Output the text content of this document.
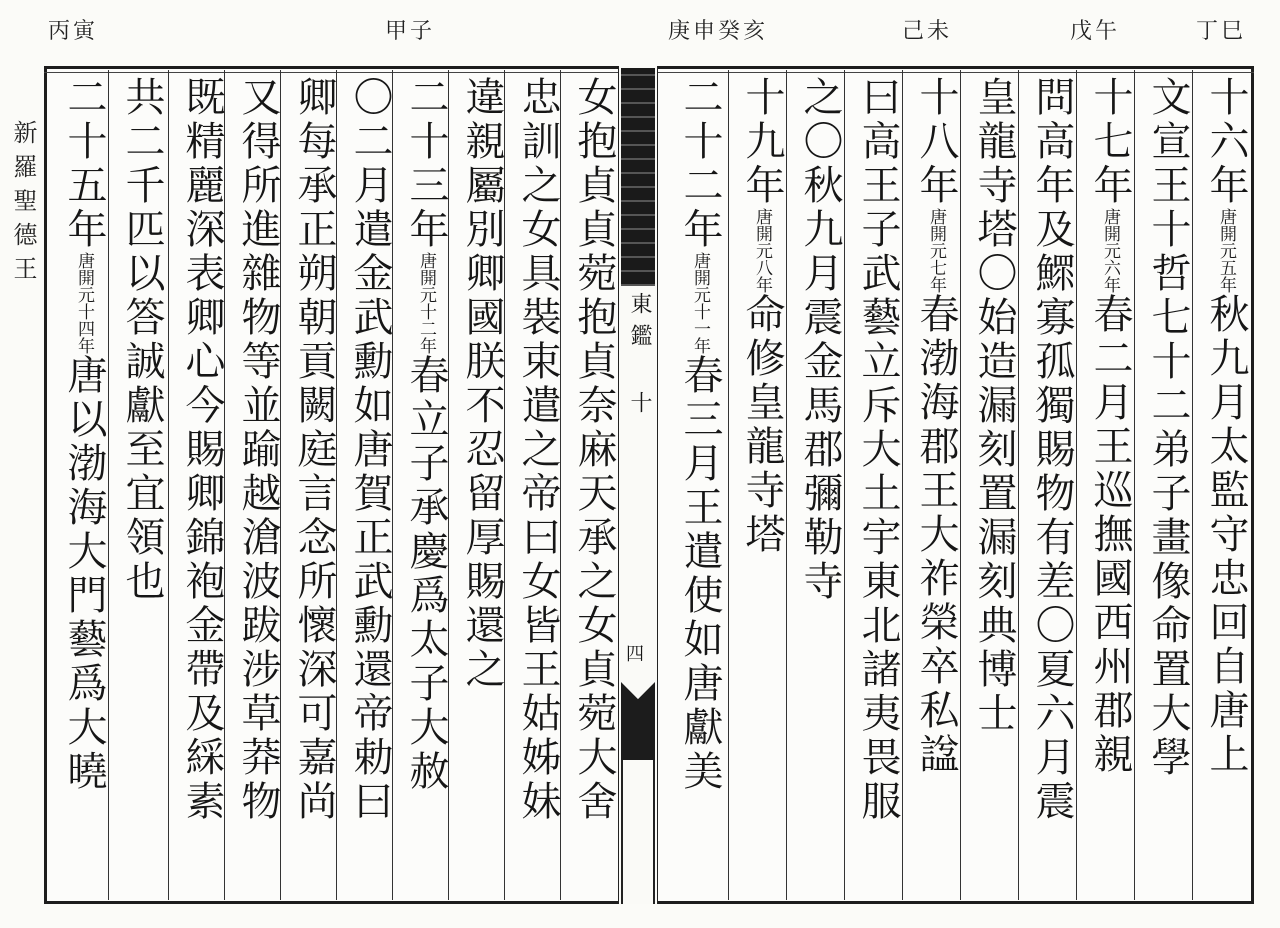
丙寅	甲子	庚申癸亥	己未	戊午	丁巳
新羅聖德王
東鑑 十
四
十六年唐開元五年秋九月太監守忠回自唐上
文宣王十哲七十二弟子畫像命置大學
十七年唐開元六年春二月王巡撫國西州郡親
問高年及鰥寡孤獨賜物有差〇夏六月震
皇龍寺塔〇始造漏刻置漏刻典博士
十八年唐開元七年春渤海郡王大祚榮卒私諡
曰高王子武藝立斥大土宇東北諸夷畏服
之〇秋九月震金馬郡彌勒寺
十九年唐開元八年命修皇龍寺塔
二十二年唐開元十一年春三月王遣使如唐獻美
女抱貞貞菀抱貞奈麻天承之女貞菀大舍
忠訓之女具裝束遣之帝曰女皆王姑姊妹
違親屬別卿國朕不忍留厚賜還之
二十三年唐開元十二年春立子承慶爲太子大赦
〇二月遣金武勳如唐賀正武勳還帝勅曰
卿每承正朔朝貢闕庭言念所懷深可嘉尚
又得所進雜物等並踰越滄波跋涉草莽物
既精麗深表卿心今賜卿錦袍金帶及綵素
共二千匹以答誠獻至宜領也
二十五年唐開元十四年唐以渤海大門藝爲大曉
